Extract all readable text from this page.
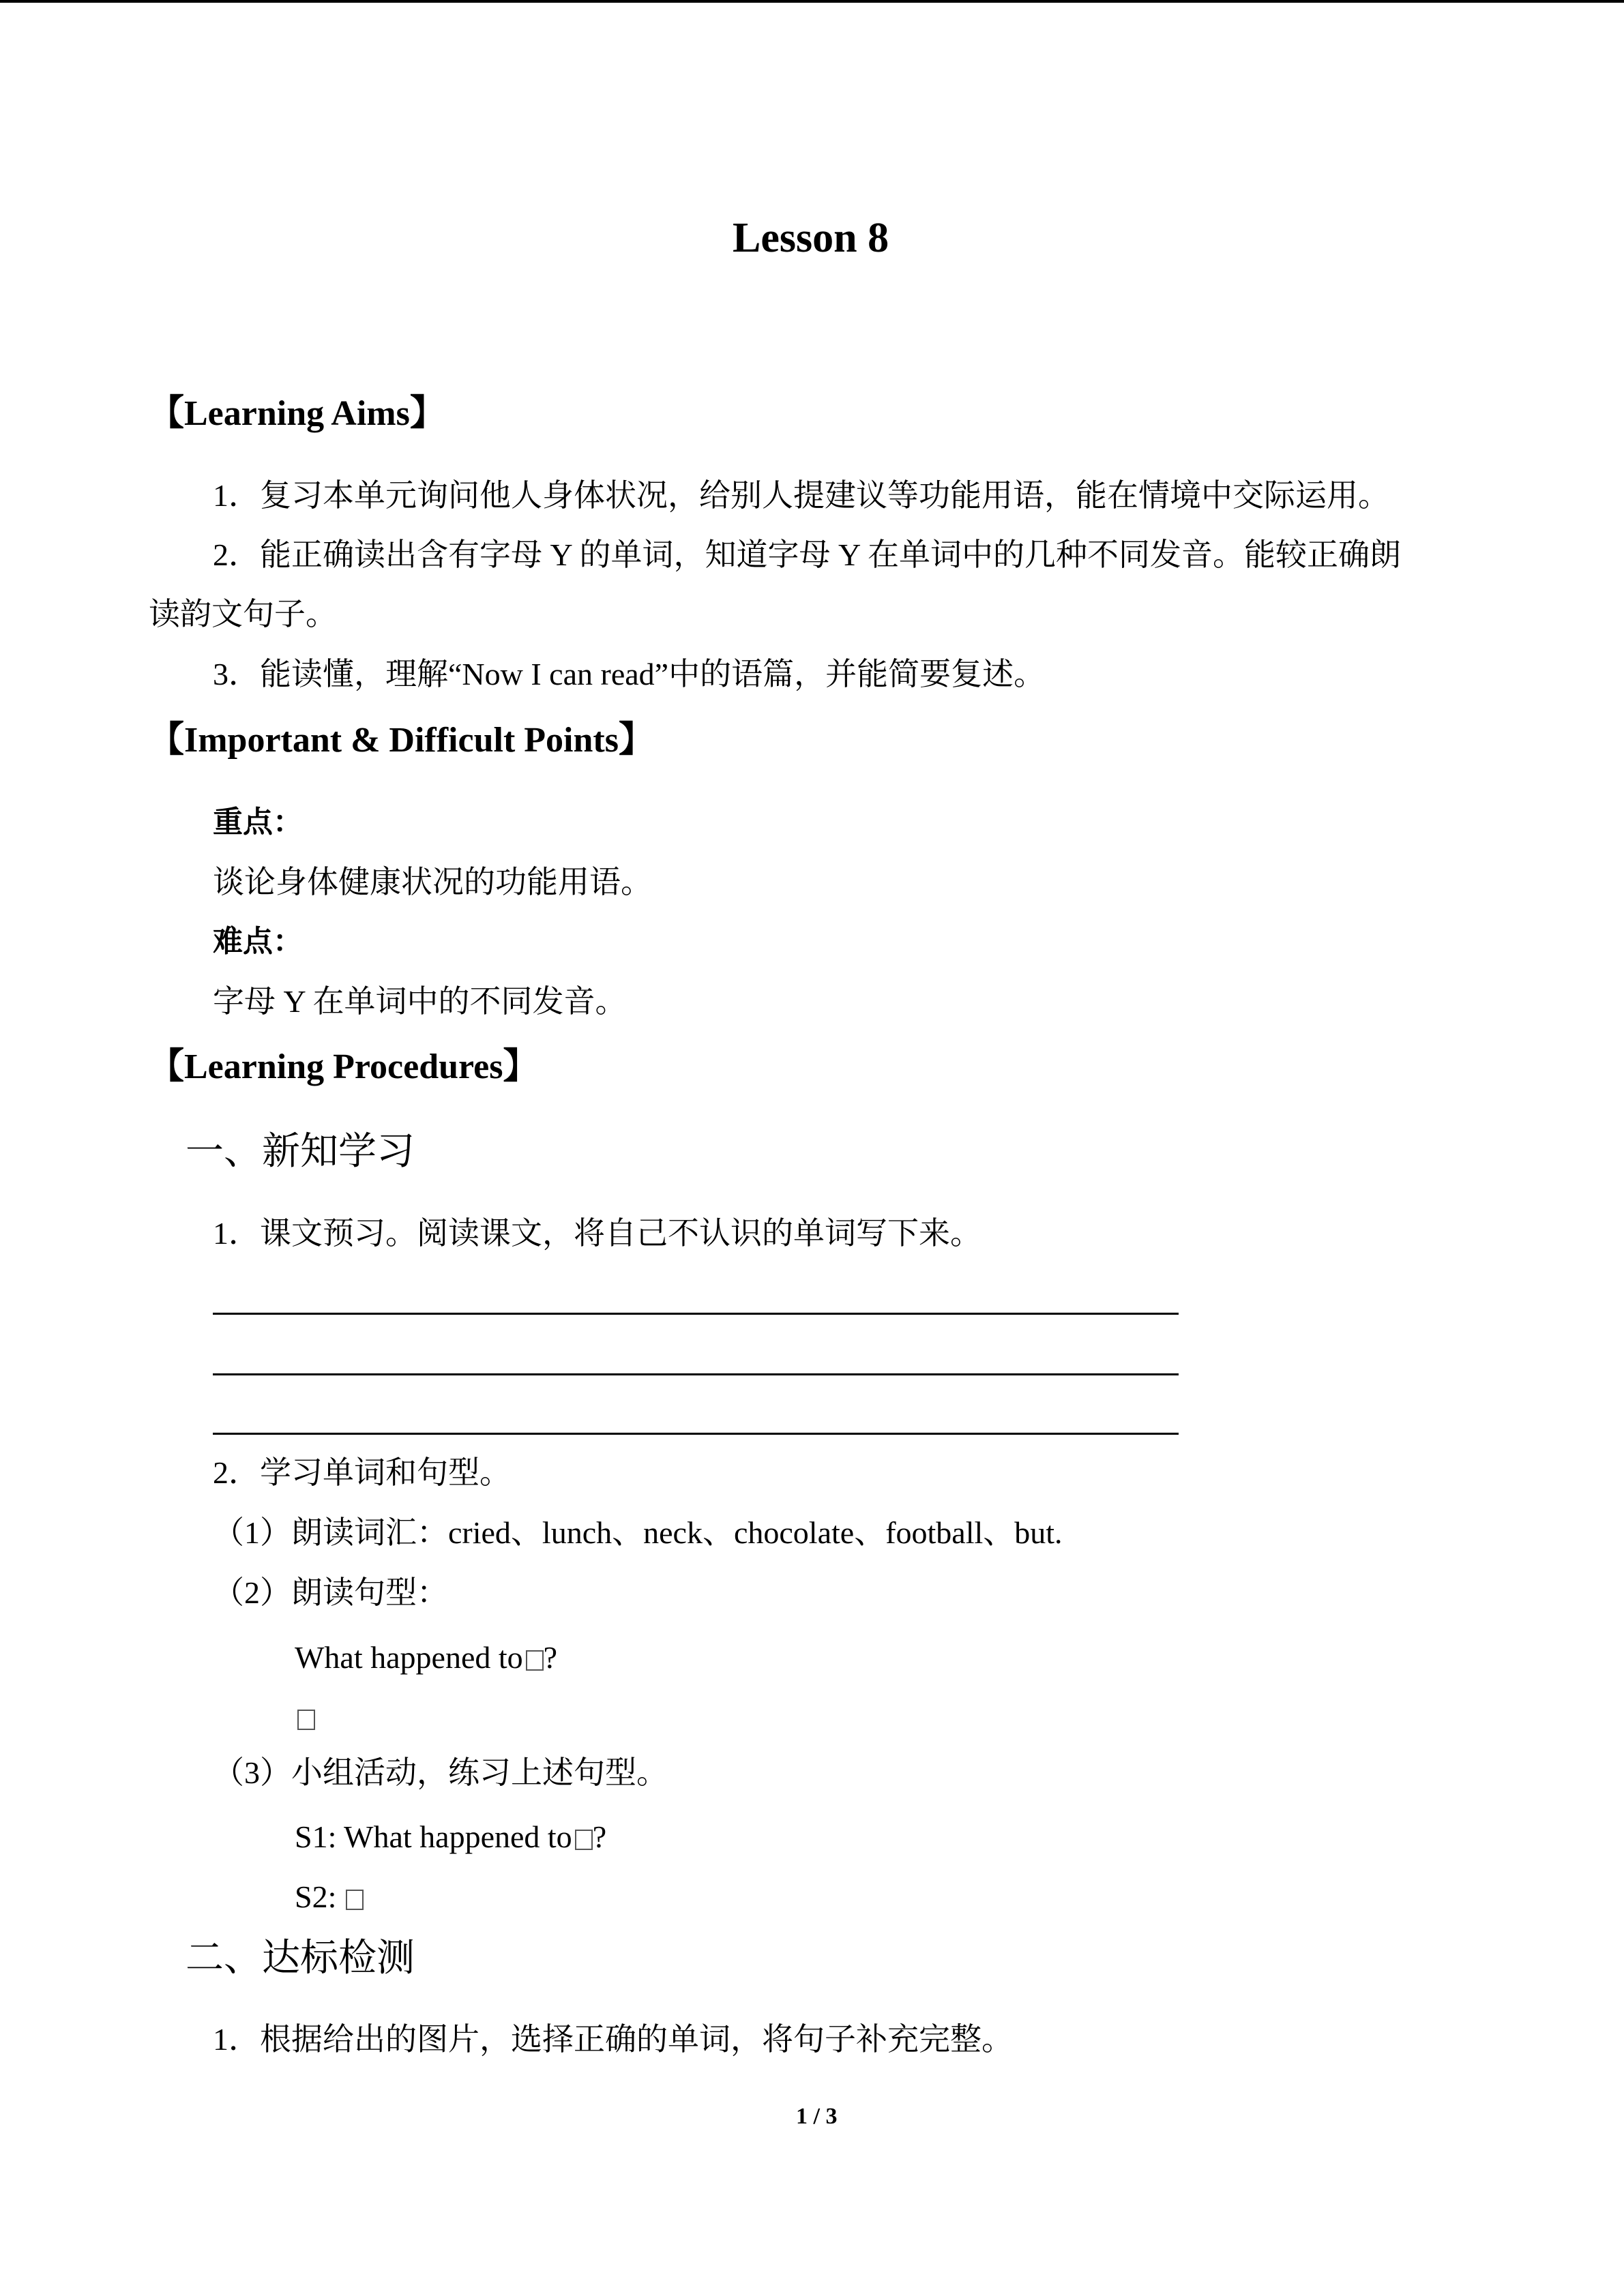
Lesson 8
【Learning Aims】
1．复习本单元询问他人身体状况，给别人提建议等功能用语，能在情境中交际运用。
2．能正确读出含有字母 Y 的单词，知道字母 Y 在单词中的几种不同发音。能较正确朗
读韵文句子。
3．能读懂，理解“Now I can read”中的语篇，并能简要复述。
【Important & Difficult Points】
重点：
谈论身体健康状况的功能用语。
难点：
字母 Y 在单词中的不同发音。
【Learning Procedures】
一、新知学习
1．课文预习。阅读课文，将自己不认识的单词写下来。
2．学习单词和句型。
（1）朗读词汇：cried、lunch、neck、chocolate、football、but.
（2）朗读句型：
What happened to ?
（3）小组活动，练习上述句型。
S1: What happened to ?
S2:
二、达标检测
1．根据给出的图片，选择正确的单词，将句子补充完整。
1 / 3
